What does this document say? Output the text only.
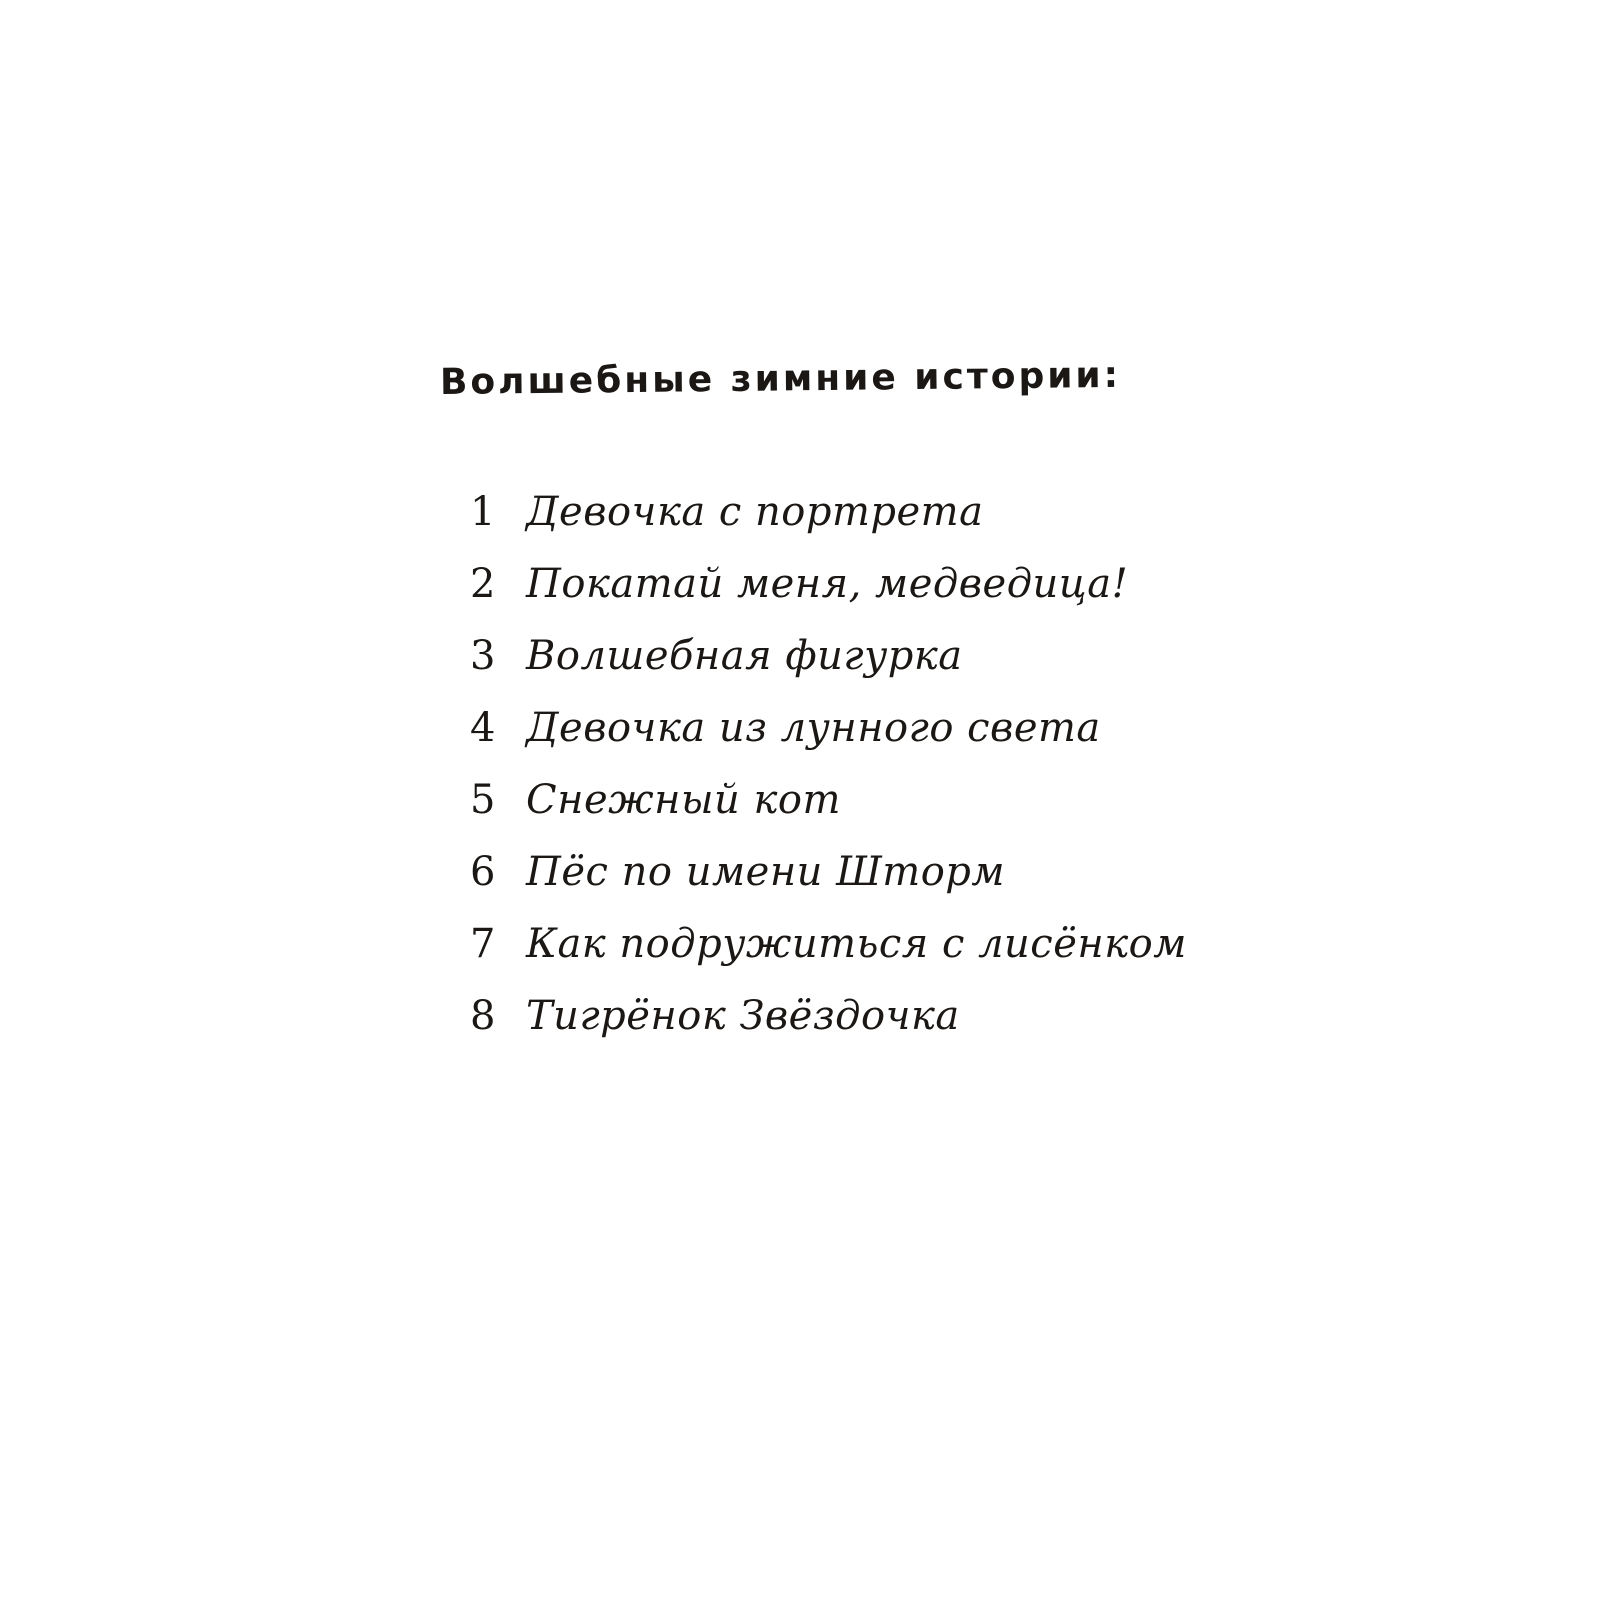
Волшебные зимние истории:
1 Девочка с портрета
2 Покатай меня, медведица!
3 Волшебная фигурка
4 Девочка из лунного света
5 Снежный кот
6 Пёс по имени Шторм
7 Как подружиться с лисёнком
8 Тигрёнок Звёздочка
